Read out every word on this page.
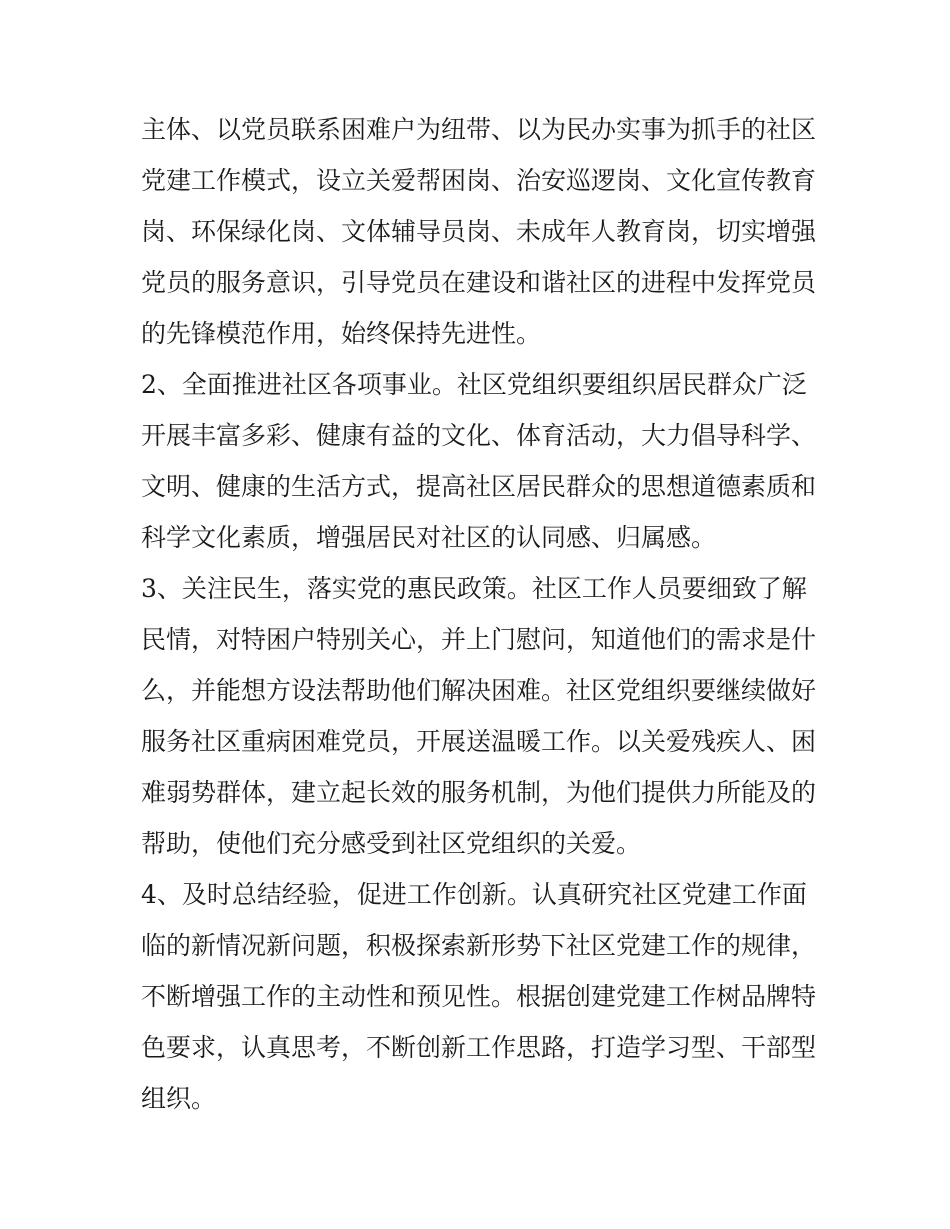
主体、以党员联系困难户为纽带、以为民办实事为抓手的社区
党建工作模式，设立关爱帮困岗、治安巡逻岗、文化宣传教育
岗、环保绿化岗、文体辅导员岗、未成年人教育岗，切实增强
党员的服务意识，引导党员在建设和谐社区的进程中发挥党员
的先锋模范作用，始终保持先进性。
2、全面推进社区各项事业。社区党组织要组织居民群众广泛
开展丰富多彩、健康有益的文化、体育活动，大力倡导科学、
文明、健康的生活方式，提高社区居民群众的思想道德素质和
科学文化素质，增强居民对社区的认同感、归属感。
3、关注民生，落实党的惠民政策。社区工作人员要细致了解
民情，对特困户特别关心，并上门慰问，知道他们的需求是什
么，并能想方设法帮助他们解决困难。社区党组织要继续做好
服务社区重病困难党员，开展送温暖工作。以关爱残疾人、困
难弱势群体，建立起长效的服务机制，为他们提供力所能及的
帮助，使他们充分感受到社区党组织的关爱。
4、及时总结经验，促进工作创新。认真研究社区党建工作面
临的新情况新问题，积极探索新形势下社区党建工作的规律，
不断增强工作的主动性和预见性。根据创建党建工作树品牌特
色要求，认真思考，不断创新工作思路，打造学习型、干部型
组织。
